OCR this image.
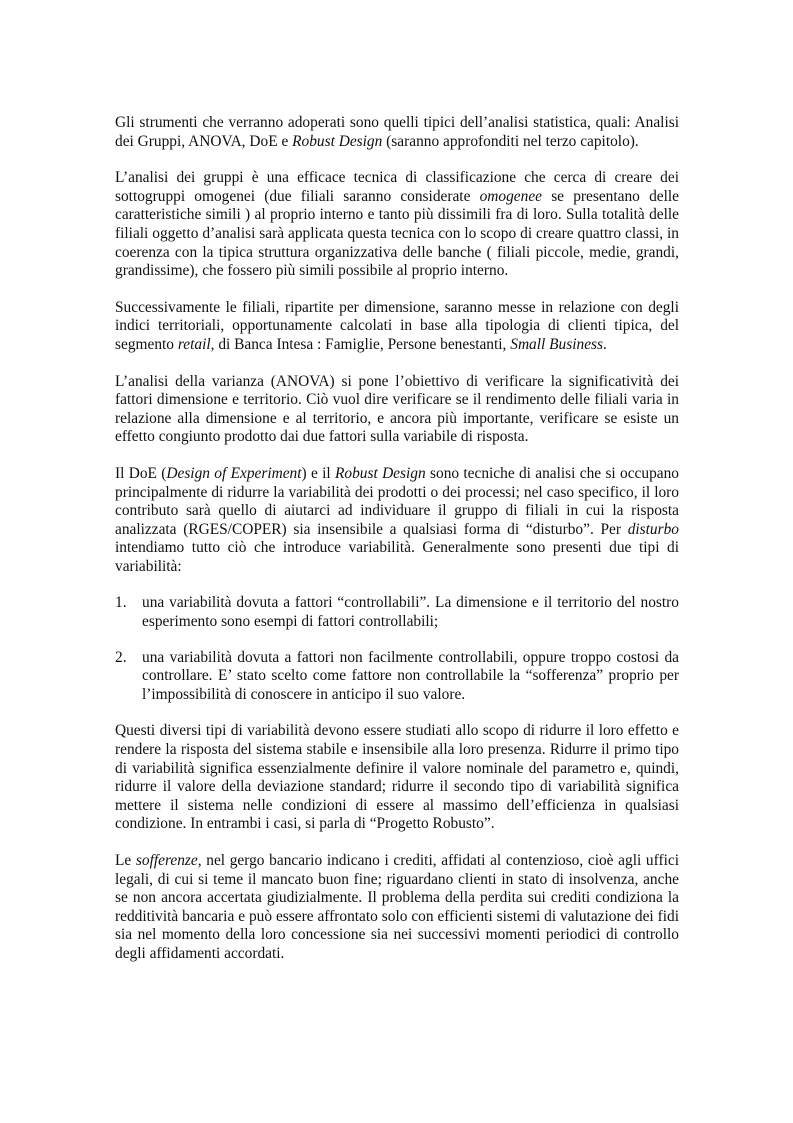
Gli strumenti che verranno adoperati sono quelli tipici dell’analisi statistica, quali: Analisi dei Gruppi, ANOVA, DoE e Robust Design (saranno approfonditi nel terzo capitolo).

L’analisi dei gruppi è una efficace tecnica di classificazione che cerca di creare dei sottogruppi omogenei (due filiali saranno considerate omogenee se presentano delle caratteristiche simili ) al proprio interno e tanto più dissimili fra di loro. Sulla totalità delle filiali oggetto d’analisi sarà applicata questa tecnica con lo scopo di creare quattro classi, in coerenza con la tipica struttura organizzativa delle banche ( filiali piccole, medie, grandi, grandissime), che fossero più simili possibile al proprio interno.

Successivamente le filiali, ripartite per dimensione, saranno messe in relazione con degli indici territoriali, opportunamente calcolati in base alla tipologia di clienti tipica, del segmento retail, di Banca Intesa : Famiglie, Persone benestanti, Small Business.

L’analisi della varianza (ANOVA) si pone l’obiettivo di verificare la significatività dei fattori dimensione e territorio. Ciò vuol dire verificare se il rendimento delle filiali varia in relazione alla dimensione e al territorio, e ancora più importante, verificare se esiste un effetto congiunto prodotto dai due fattori sulla variabile di risposta.

Il DoE (Design of Experiment) e il Robust Design sono tecniche di analisi che si occupano principalmente di ridurre la variabilità dei prodotti o dei processi; nel caso specifico, il loro contributo sarà quello di aiutarci ad individuare il gruppo di filiali in cui la risposta analizzata (RGES/COPER) sia insensibile a qualsiasi forma di “disturbo”. Per disturbo intendiamo tutto ciò che introduce variabilità. Generalmente sono presenti due tipi di variabilità:

1.	una variabilità dovuta a fattori “controllabili”. La dimensione e il territorio del nostro esperimento sono esempi di fattori controllabili;
2.	una variabilità dovuta a fattori non facilmente controllabili, oppure troppo costosi da controllare. E’ stato scelto come fattore non controllabile la “sofferenza” proprio per l’impossibilità di conoscere in anticipo il suo valore.

Questi diversi tipi di variabilità devono essere studiati allo scopo di ridurre il loro effetto e rendere la risposta del sistema stabile e insensibile alla loro presenza. Ridurre il primo tipo di variabilità significa essenzialmente definire il valore nominale del parametro e, quindi, ridurre il valore della deviazione standard; ridurre il secondo tipo di variabilità significa mettere il sistema nelle condizioni di essere al massimo dell’efficienza in qualsiasi condizione. In entrambi i casi, si parla di “Progetto Robusto”.

Le sofferenze, nel gergo bancario indicano i crediti, affidati al contenzioso, cioè agli uffici legali, di cui si teme il mancato buon fine; riguardano clienti in stato di insolvenza, anche se non ancora accertata giudizialmente. Il problema della perdita sui crediti condiziona la redditività bancaria e può essere affrontato solo con efficienti sistemi di valutazione dei fidi sia nel momento della loro concessione sia nei successivi momenti periodici di controllo degli affidamenti accordati.
